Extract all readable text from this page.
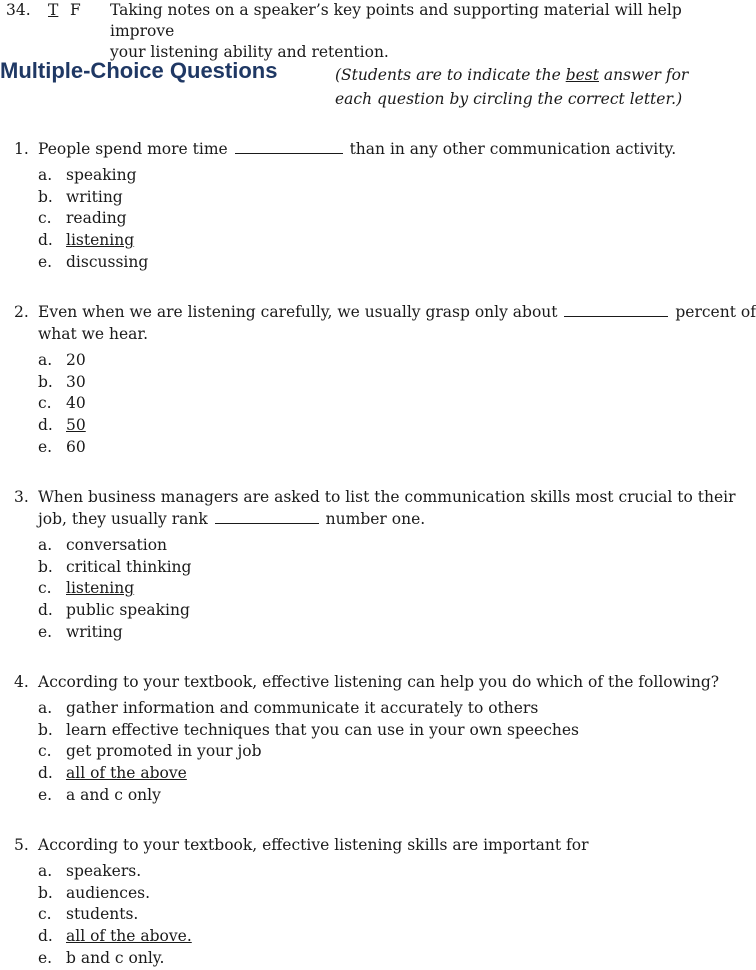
34. T F Taking notes on a speaker’s key points and supporting material will help improve
your listening ability and retention.
Multiple-Choice Questions	(Students are to indicate the best answer for each question by circling the correct letter.)
1. People spend more time	than in any other communication activity.
a. speaking
b. writing
c. reading
d. listening
e. discussing
2. Even when we are listening carefully, we usually grasp only about	percent of
what we hear.
a. 20
b. 30
c. 40
d. 50
e. 60
3. When business managers are asked to list the communication skills most crucial to their
job, they usually rank	number one.
a. conversation
b. critical thinking
c. listening
d. public speaking
e. writing
4. According to your textbook, effective listening can help you do which of the following?
a. gather information and communicate it accurately to others
b. learn effective techniques that you can use in your own speeches
c. get promoted in your job
d. all of the above
e. a and c only
5. According to your textbook, effective listening skills are important for
a. speakers.
b. audiences.
c. students.
d. all of the above.
e. b and c only.
